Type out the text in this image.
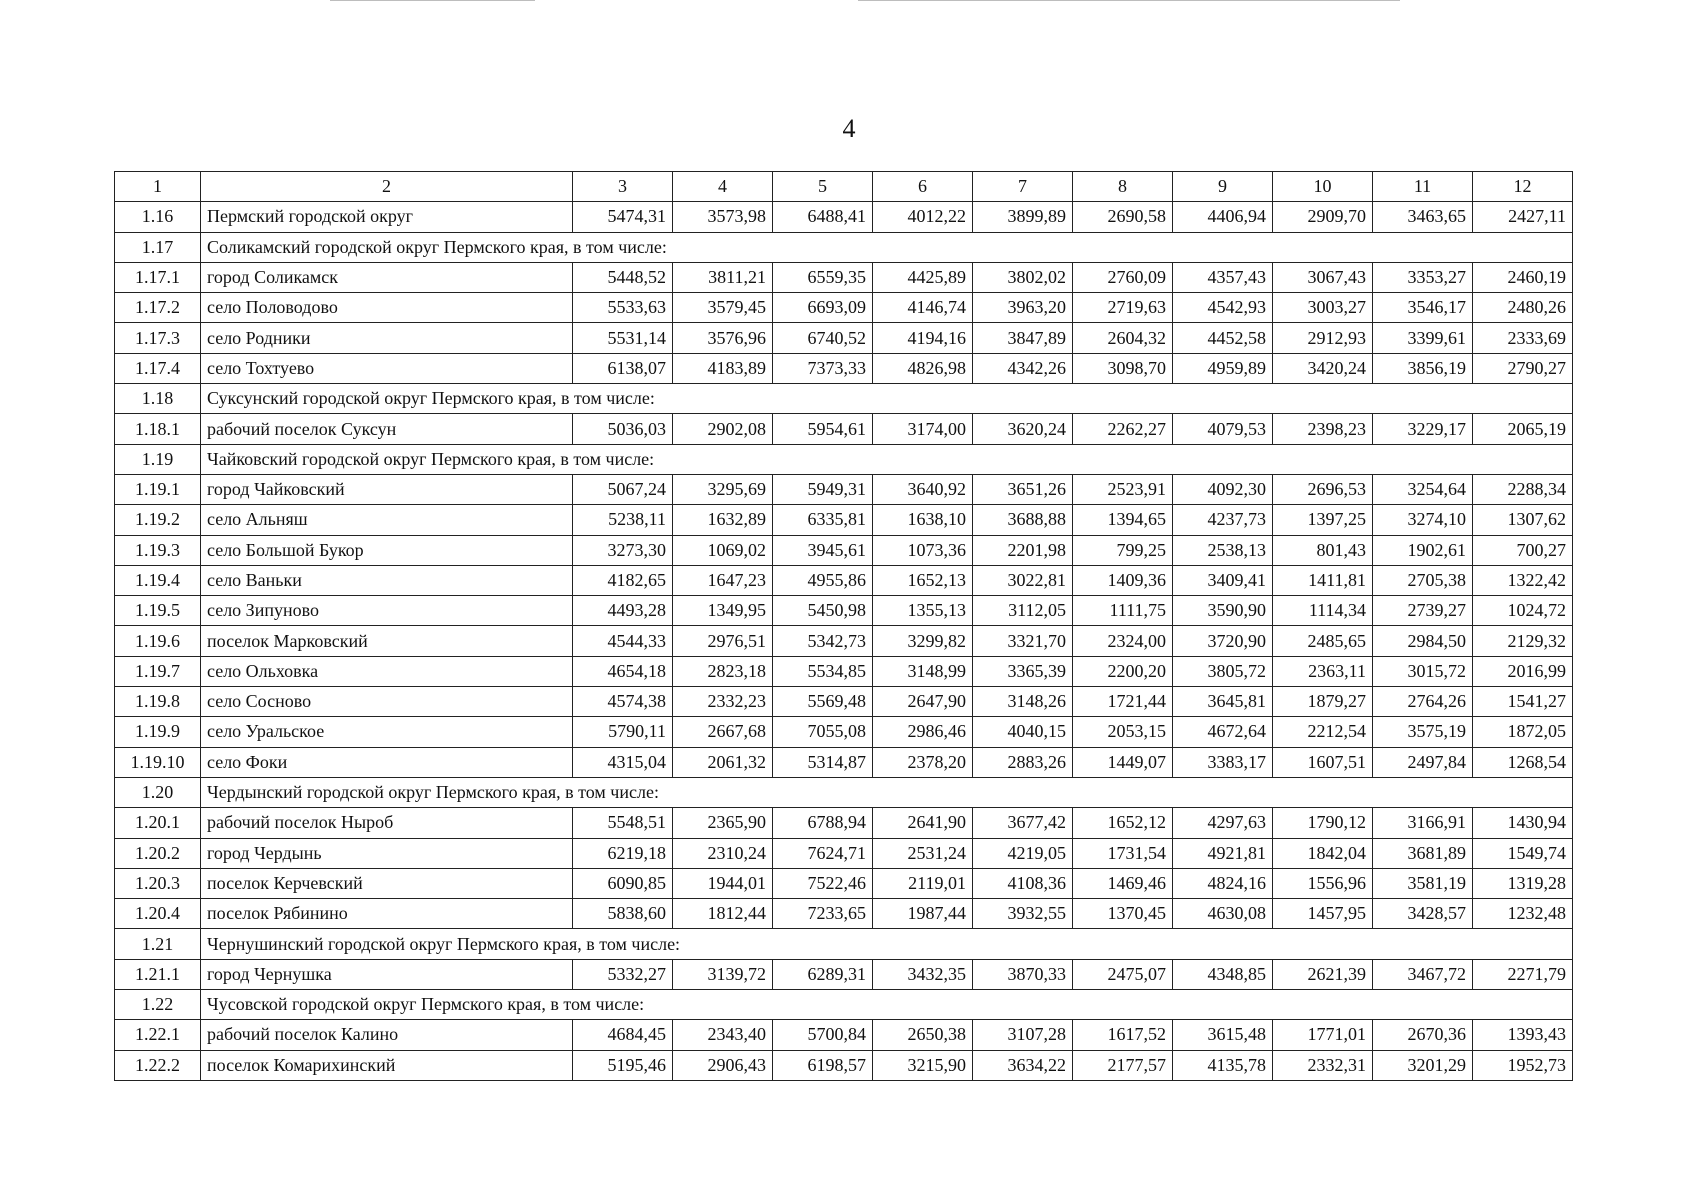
4
1	2	3	4	5	6	7	8	9	10	11	12
1.16	Пермский городской округ	5474,31	3573,98	6488,41	4012,22	3899,89	2690,58	4406,94	2909,70	3463,65	2427,11
1.17	Соликамский городской округ Пермского края, в том числе:										
1.17.1	город Соликамск	5448,52	3811,21	6559,35	4425,89	3802,02	2760,09	4357,43	3067,43	3353,27	2460,19
1.17.2	село Половодово	5533,63	3579,45	6693,09	4146,74	3963,20	2719,63	4542,93	3003,27	3546,17	2480,26
1.17.3	село Родники	5531,14	3576,96	6740,52	4194,16	3847,89	2604,32	4452,58	2912,93	3399,61	2333,69
1.17.4	село Тохтуево	6138,07	4183,89	7373,33	4826,98	4342,26	3098,70	4959,89	3420,24	3856,19	2790,27
1.18	Суксунский городской округ Пермского края, в том числе:										
1.18.1	рабочий поселок Суксун	5036,03	2902,08	5954,61	3174,00	3620,24	2262,27	4079,53	2398,23	3229,17	2065,19
1.19	Чайковский городской округ Пермского края, в том числе:										
1.19.1	город Чайковский	5067,24	3295,69	5949,31	3640,92	3651,26	2523,91	4092,30	2696,53	3254,64	2288,34
1.19.2	село Альняш	5238,11	1632,89	6335,81	1638,10	3688,88	1394,65	4237,73	1397,25	3274,10	1307,62
1.19.3	село Большой Букор	3273,30	1069,02	3945,61	1073,36	2201,98	799,25	2538,13	801,43	1902,61	700,27
1.19.4	село Ваньки	4182,65	1647,23	4955,86	1652,13	3022,81	1409,36	3409,41	1411,81	2705,38	1322,42
1.19.5	село Зипуново	4493,28	1349,95	5450,98	1355,13	3112,05	1111,75	3590,90	1114,34	2739,27	1024,72
1.19.6	поселок Марковский	4544,33	2976,51	5342,73	3299,82	3321,70	2324,00	3720,90	2485,65	2984,50	2129,32
1.19.7	село Ольховка	4654,18	2823,18	5534,85	3148,99	3365,39	2200,20	3805,72	2363,11	3015,72	2016,99
1.19.8	село Сосново	4574,38	2332,23	5569,48	2647,90	3148,26	1721,44	3645,81	1879,27	2764,26	1541,27
1.19.9	село Уральское	5790,11	2667,68	7055,08	2986,46	4040,15	2053,15	4672,64	2212,54	3575,19	1872,05
1.19.10	село Фоки	4315,04	2061,32	5314,87	2378,20	2883,26	1449,07	3383,17	1607,51	2497,84	1268,54
1.20	Чердынский городской округ Пермского края, в том числе:										
1.20.1	рабочий поселок Ныроб	5548,51	2365,90	6788,94	2641,90	3677,42	1652,12	4297,63	1790,12	3166,91	1430,94
1.20.2	город Чердынь	6219,18	2310,24	7624,71	2531,24	4219,05	1731,54	4921,81	1842,04	3681,89	1549,74
1.20.3	поселок Керчевский	6090,85	1944,01	7522,46	2119,01	4108,36	1469,46	4824,16	1556,96	3581,19	1319,28
1.20.4	поселок Рябинино	5838,60	1812,44	7233,65	1987,44	3932,55	1370,45	4630,08	1457,95	3428,57	1232,48
1.21	Чернушинский городской округ Пермского края, в том числе:										
1.21.1	город Чернушка	5332,27	3139,72	6289,31	3432,35	3870,33	2475,07	4348,85	2621,39	3467,72	2271,79
1.22	Чусовской городской округ Пермского края, в том числе:										
1.22.1	рабочий поселок Калино	4684,45	2343,40	5700,84	2650,38	3107,28	1617,52	3615,48	1771,01	2670,36	1393,43
1.22.2	поселок Комарихинский	5195,46	2906,43	6198,57	3215,90	3634,22	2177,57	4135,78	2332,31	3201,29	1952,73
